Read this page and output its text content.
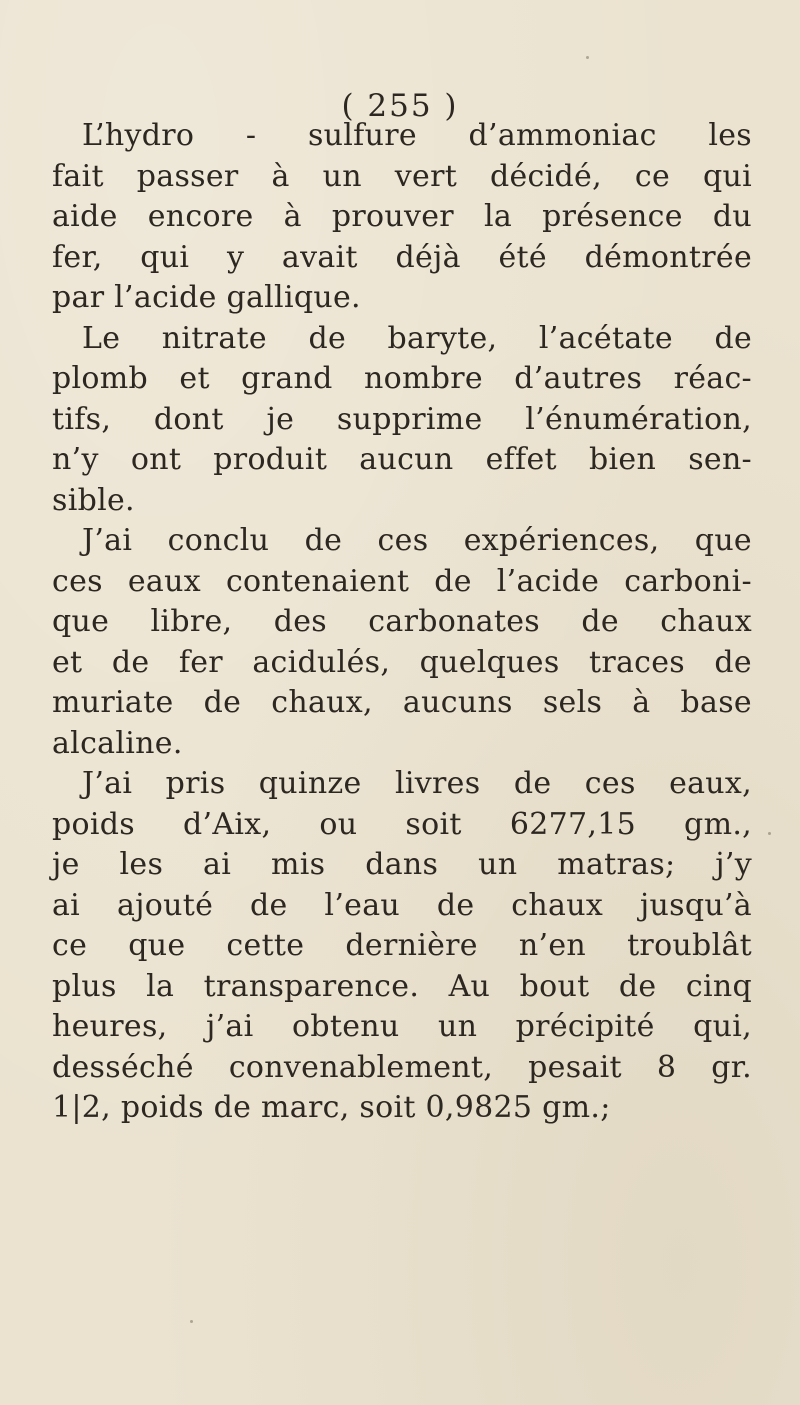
( 255 )
L’hydro - sulfure d’ammoniac les
fait passer à un vert décidé, ce qui
aide encore à prouver la présence du
fer, qui y avait déjà été démontrée
par l’acide gallique.
Le nitrate de baryte, l’acétate de
plomb et grand nombre d’autres réac-
tifs, dont je supprime l’énumération,
n’y ont produit aucun effet bien sen-
sible.
J’ai conclu de ces expériences, que
ces eaux contenaient de l’acide carboni-
que libre, des carbonates de chaux
et de fer acidulés, quelques traces de
muriate de chaux, aucuns sels à base
alcaline.
J’ai pris quinze livres de ces eaux,
poids d’Aix, ou soit 6277,15 gm.,
je les ai mis dans un matras; j’y
ai ajouté de l’eau de chaux jusqu’à
ce que cette dernière n’en troublât
plus la transparence. Au bout de cinq
heures, j’ai obtenu un précipité qui,
desséché convenablement, pesait 8 gr.
1|2, poids de marc, soit 0,9825 gm.;
